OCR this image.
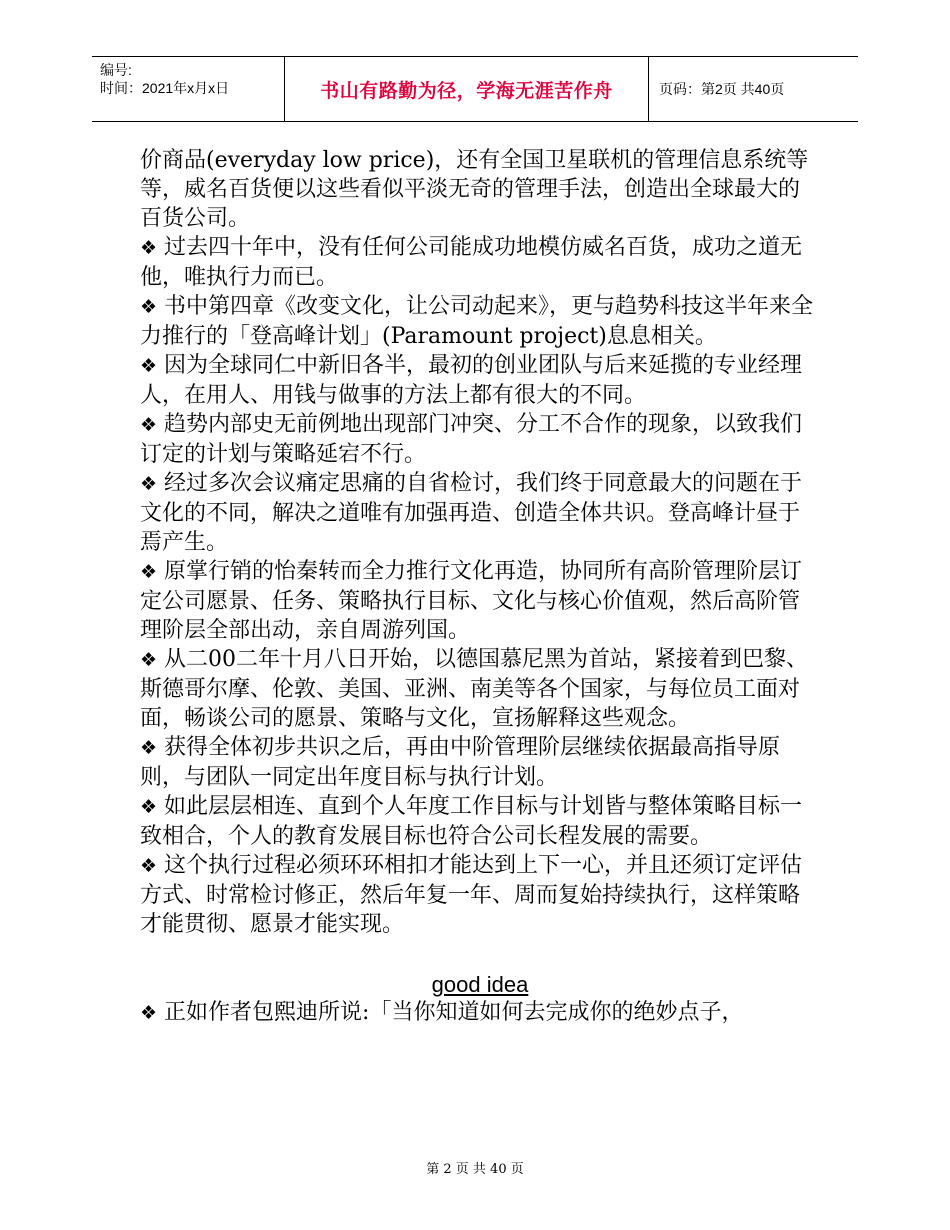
编号:
时间：2021年x月x日	书山有路勤为径，学海无涯苦作舟	页码：第2页 共40页

价商品(everyday low price)，还有全国卫星联机的管理信息系统等等，威名百货便以这些看似平淡无奇的管理手法，创造出全球最大的百货公司。

❖ 过去四十年中，没有任何公司能成功地模仿威名百货，成功之道无他，唯执行力而已。

❖ 书中第四章《改变文化，让公司动起来》，更与趋势科技这半年来全力推行的「登高峰计划」(Paramount project)息息相关。

❖ 因为全球同仁中新旧各半，最初的创业团队与后来延揽的专业经理人，在用人、用钱与做事的方法上都有很大的不同。

❖ 趋势内部史无前例地出现部门冲突、分工不合作的现象，以致我们订定的计划与策略延宕不行。

❖ 经过多次会议痛定思痛的自省检讨，我们终于同意最大的问题在于文化的不同，解决之道唯有加强再造、创造全体共识。登高峰计昼于焉产生。

❖ 原掌行销的怡秦转而全力推行文化再造，协同所有高阶管理阶层订定公司愿景、任务、策略执行目标、文化与核心价值观，然后高阶管理阶层全部出动，亲自周游列国。

❖ 从二00二年十月八日开始，以德国慕尼黑为首站，紧接着到巴黎、斯德哥尔摩、伦敦、美国、亚洲、南美等各个国家，与每位员工面对面，畅谈公司的愿景、策略与文化，宣扬解释这些观念。

❖ 获得全体初步共识之后，再由中阶管理阶层继续依据最高指导原则，与团队一同定出年度目标与执行计划。

❖ 如此层层相连、直到个人年度工作目标与计划皆与整体策略目标一致相合，个人的教育发展目标也符合公司长程发展的需要。

❖ 这个执行过程必须环环相扣才能达到上下一心，并且还须订定评估方式、时常检讨修正，然后年复一年、周而复始持续执行，这样策略才能贯彻、愿景才能实现。

good idea

❖ 正如作者包熙迪所说:「当你知道如何去完成你的绝妙点子，

第 2 页 共 40 页
